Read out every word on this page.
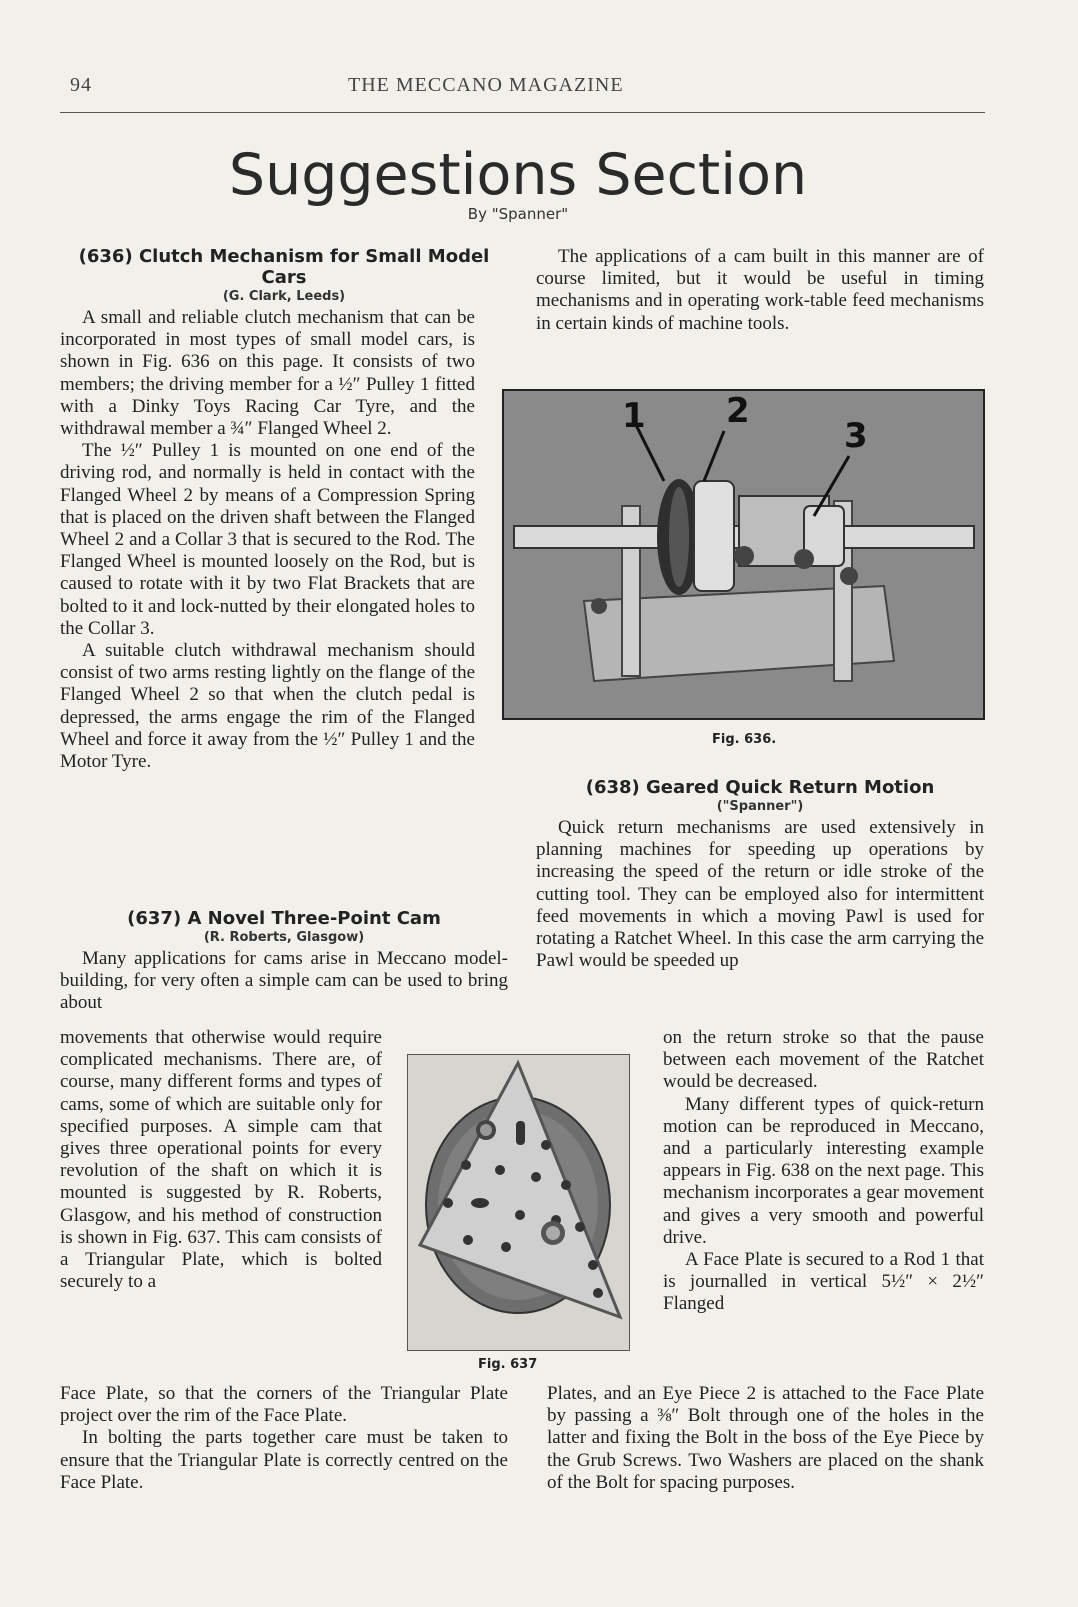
94	THE MECCANO MAGAZINE
Suggestions Section
By "Spanner"
(636) Clutch Mechanism for Small Model Cars
(G. Clark, Leeds)

A small and reliable clutch mechanism that can be incorporated in most types of small model cars, is shown in Fig. 636 on this page. It consists of two members; the driving member for a ½″ Pulley 1 fitted with a Dinky Toys Racing Car Tyre, and the withdrawal member a ¾″ Flanged Wheel 2.

The ½″ Pulley 1 is mounted on one end of the driving rod, and normally is held in contact with the Flanged Wheel 2 by means of a Compression Spring that is placed on the driven shaft between the Flanged Wheel 2 and a Collar 3 that is secured to the Rod. The Flanged Wheel is mounted loosely on the Rod, but is caused to rotate with it by two Flat Brackets that are bolted to it and lock-nutted by their elongated holes to the Collar 3.

A suitable clutch withdrawal mechanism should consist of two arms resting lightly on the flange of the Flanged Wheel 2 so that when the clutch pedal is depressed, the arms engage the rim of the Flanged Wheel and force it away from the ½″ Pulley 1 and the Motor Tyre.

(637) A Novel Three-Point Cam
(R. Roberts, Glasgow)

Many applications for cams arise in Meccano model-building, for very often a simple cam can be used to bring about

movements that otherwise would require complicated mechanisms. There are, of course, many different forms and types of cams, some of which are suitable only for specified purposes. A simple cam that gives three operational points for every revolution of the shaft on which it is mounted is suggested by R. Roberts, Glasgow, and his method of construction is shown in Fig. 637. This cam consists of a Triangular Plate, which is bolted securely to a

Face Plate, so that the corners of the Triangular Plate project over the rim of the Face Plate.

In bolting the parts together care must be taken to ensure that the Triangular Plate is correctly centred on the Face Plate.

Fig. 637

The applications of a cam built in this manner are of course limited, but it would be useful in timing mechanisms and in operating work-table feed mechanisms in certain kinds of machine tools.

1 2
3
Fig. 636.
(638) Geared Quick Return Motion
("Spanner")

Quick return mechanisms are used extensively in planning machines for speeding up operations by increasing the speed of the return or idle stroke of the cutting tool. They can be employed also for intermittent feed movements in which a moving Pawl is used for rotating a Ratchet Wheel. In this case the arm carrying the Pawl would be speeded up

on the return stroke so that the pause between each movement of the Ratchet would be decreased.

Many different types of quick-return motion can be reproduced in Meccano, and a particularly interesting example appears in Fig. 638 on the next page. This mechanism incorporates a gear movement and gives a very smooth and powerful drive.

A Face Plate is secured to a Rod 1 that is journalled in vertical 5½″ × 2½″ Flanged

Plates, and an Eye Piece 2 is attached to the Face Plate by passing a ⅜″ Bolt through one of the holes in the latter and fixing the Bolt in the boss of the Eye Piece by the Grub Screws. Two Washers are placed on the shank of the Bolt for spacing purposes.
